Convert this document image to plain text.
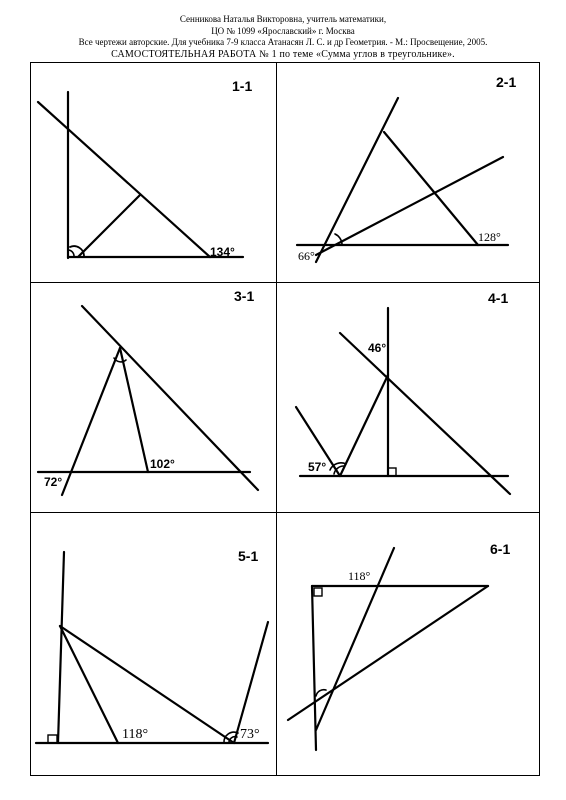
Сенникова Наталья Викторовна, учитель математики,
ЦО № 1099 «Ярославский» г. Москва
Все чертежи авторские. Для учебника 7-9 класса Атанасян Л. С. и др Геометрия. - М.: Просвещение, 2005.
САМОСТОЯТЕЛЬНАЯ РАБОТА № 1 по теме «Сумма углов в треугольнике».
1-1	2-1
3-1	4-1
5-1	6-1
134°
128°
66°
102°
72°
46°
57°
118°	73°
118°
